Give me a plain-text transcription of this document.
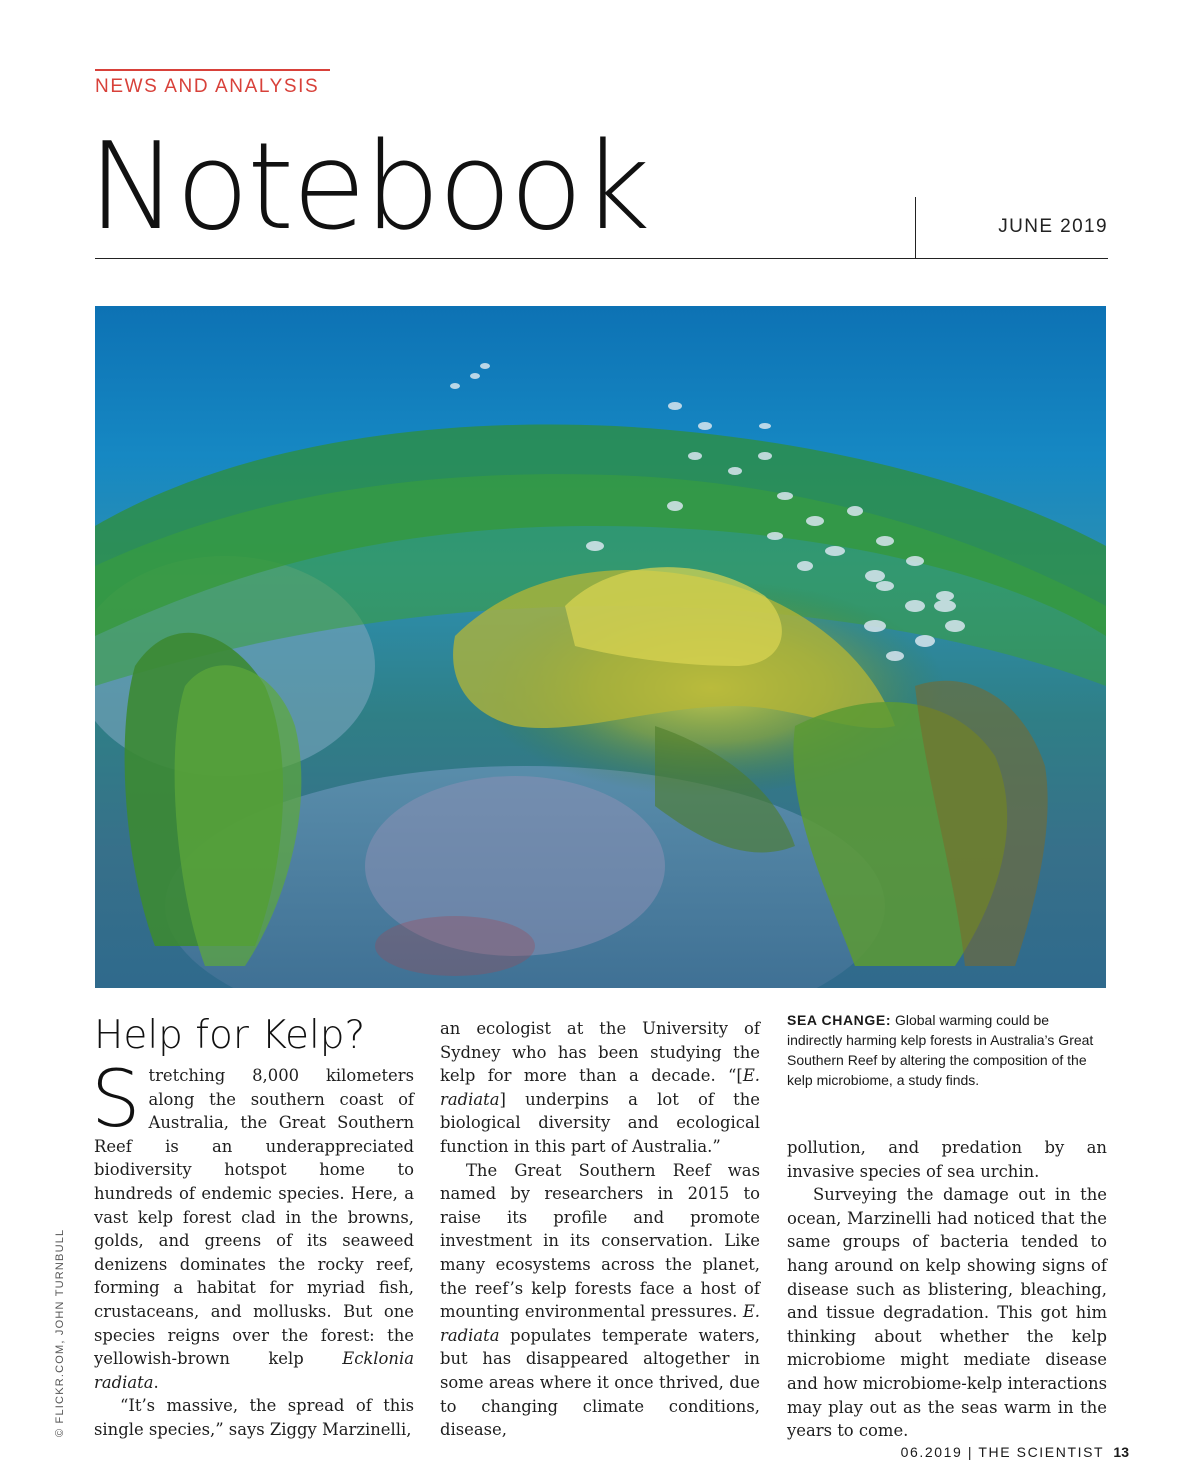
NEWS AND ANALYSIS
Notebook	JUNE 2019
© FLICKR.COM, JOHN TURNBULL
SEA CHANGE: Global warming could be indirectly harming kelp forests in Australia’s Great Southern Reef by altering the composition of the kelp microbiome, a study finds.
Help for Kelp?

Stretching 8,000 kilometers along the southern coast of Australia, the Great Southern Reef is an underappreciated biodiversity hotspot home to hundreds of endemic species. Here, a vast kelp forest clad in the browns, golds, and greens of its seaweed denizens dominates the rocky reef, forming a habitat for myriad fish, crustaceans, and mollusks. But one species reigns over the forest: the yellowish-brown kelp Ecklonia radiata.

“It’s massive, the spread of this single species,” says Ziggy Marzinelli,

an ecologist at the University of Sydney who has been studying the kelp for more than a decade. “[E. radiata] underpins a lot of the biological diversity and ecological function in this part of Australia.”

The Great Southern Reef was named by researchers in 2015 to raise its profile and promote investment in its conservation. Like many ecosystems across the planet, the reef’s kelp forests face a host of mounting environmental pressures. E. radiata populates temperate waters, but has disappeared altogether in some areas where it once thrived, due to changing climate conditions, disease,

pollution, and predation by an invasive species of sea urchin.

Surveying the damage out in the ocean, Marzinelli had noticed that the same groups of bacteria tended to hang around on kelp showing signs of disease such as blistering, bleaching, and tissue degradation. This got him thinking about whether the kelp microbiome might mediate disease and how microbiome-kelp interactions may play out as the seas warm in the years to come.

06.2019 | THE SCIENTIST 13
